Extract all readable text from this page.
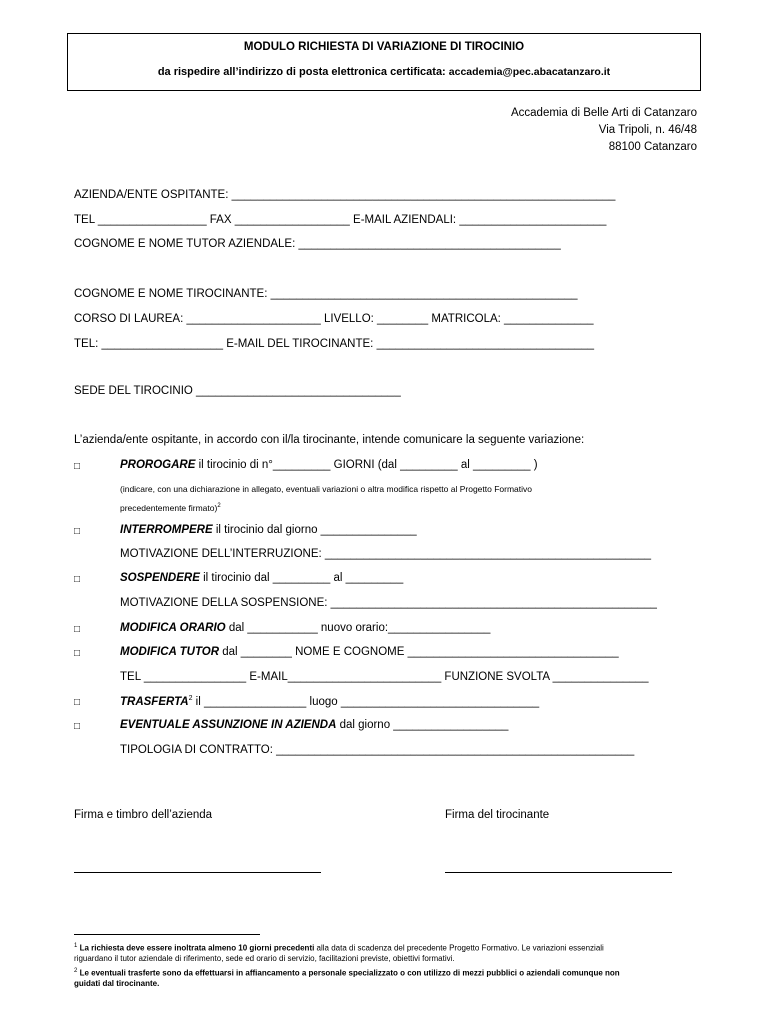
MODULO RICHIESTA DI VARIAZIONE DI TIROCINIO
da rispedire all’indirizzo di posta elettronica certificata: accademia@pec.abacatanzaro.it
Accademia di Belle Arti di Catanzaro
Via Tripoli, n. 46/48
88100 Catanzaro
AZIENDA/ENTE OSPITANTE: ____________________________________________________________
TEL _________________ FAX __________________ E-MAIL AZIENDALI: _______________________
COGNOME E NOME TUTOR AZIENDALE: _________________________________________
COGNOME E NOME TIROCINANTE: ________________________________________________
CORSO DI LAUREA: _____________________ LIVELLO: ________ MATRICOLA: ______________
TEL: ___________________ E-MAIL DEL TIROCINANTE: __________________________________
SEDE DEL TIROCINIO ________________________________
L’azienda/ente ospitante, in accordo con il/la tirocinante, intende comunicare la seguente variazione:
□	PROROGARE il tirocinio di n°_________ GIORNI (dal _________ al _________ )
(indicare, con una dichiarazione in allegato, eventuali variazioni o altra modifica rispetto al Progetto Formativo
precedentemente firmato)$^2$
□	INTERROMPERE il tirocinio dal giorno _______________
MOTIVAZIONE DELL’INTERRUZIONE: ___________________________________________________
□	SOSPENDERE il tirocinio dal _________ al _________
MOTIVAZIONE DELLA SOSPENSIONE: ___________________________________________________
□	MODIFICA ORARIO dal ___________ nuovo orario:________________
□	MODIFICA TUTOR dal ________ NOME E COGNOME _________________________________
TEL ________________ E-MAIL________________________ FUNZIONE SVOLTA _______________
□	TRASFERTA$^2$ il ________________ luogo _______________________________
□	EVENTUALE ASSUNZIONE IN AZIENDA dal giorno __________________
TIPOLOGIA DI CONTRATTO: ________________________________________________________
Firma e timbro dell’azienda	Firma del tirocinante
$^1$ La richiesta deve essere inoltrata almeno 10 giorni precedenti alla data di scadenza del precedente Progetto Formativo. Le variazioni essenziali
riguardano il tutor aziendale di riferimento, sede ed orario di servizio, facilitazioni previste, obiettivi formativi.
$^2$ Le eventuali trasferte sono da effettuarsi in affiancamento a personale specializzato o con utilizzo di mezzi pubblici o aziendali comunque non
guidati dal tirocinante.
